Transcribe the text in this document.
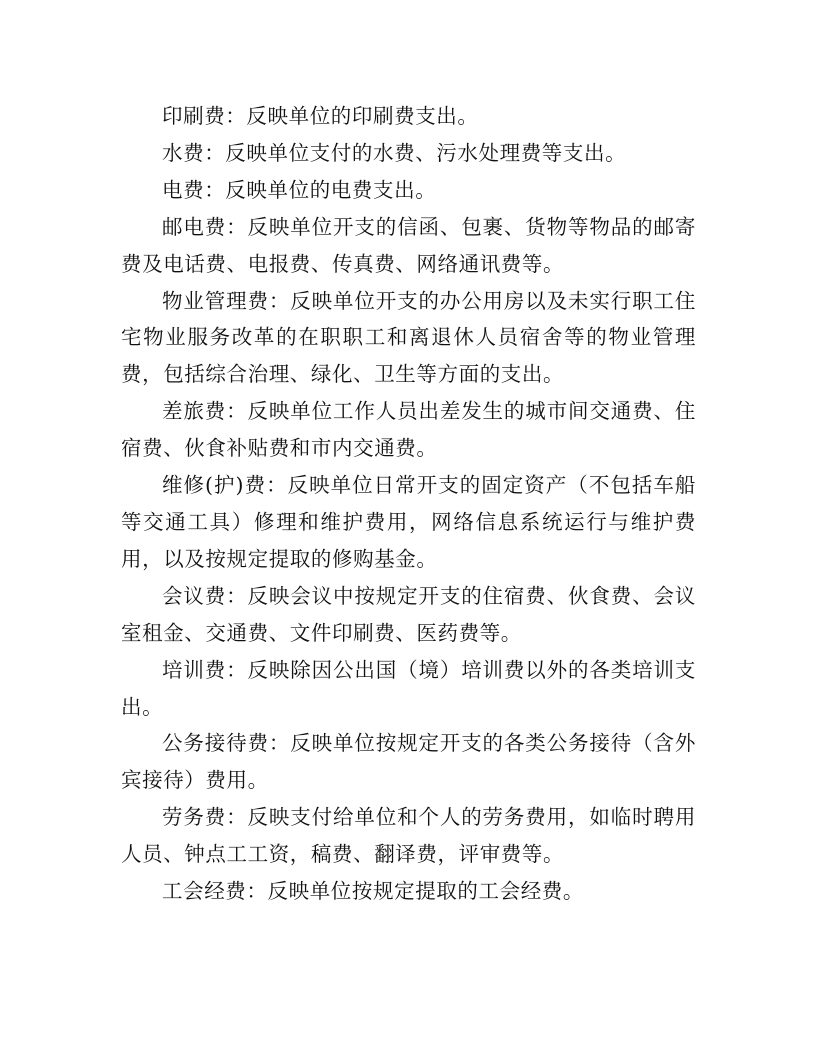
印刷费：反映单位的印刷费支出。

水费：反映单位支付的水费、污水处理费等支出。

电费：反映单位的电费支出。

邮电费：反映单位开支的信函、包裹、货物等物品的邮寄费及电话费、电报费、传真费、网络通讯费等。

物业管理费：反映单位开支的办公用房以及未实行职工住宅物业服务改革的在职职工和离退休人员宿舍等的物业管理费，包括综合治理、绿化、卫生等方面的支出。

差旅费：反映单位工作人员出差发生的城市间交通费、住宿费、伙食补贴费和市内交通费。

维修(护)费：反映单位日常开支的固定资产（不包括车船等交通工具）修理和维护费用，网络信息系统运行与维护费用，以及按规定提取的修购基金。

会议费：反映会议中按规定开支的住宿费、伙食费、会议室租金、交通费、文件印刷费、医药费等。

培训费：反映除因公出国（境）培训费以外的各类培训支出。

公务接待费：反映单位按规定开支的各类公务接待（含外宾接待）费用。

劳务费：反映支付给单位和个人的劳务费用，如临时聘用人员、钟点工工资，稿费、翻译费，评审费等。

工会经费：反映单位按规定提取的工会经费。
